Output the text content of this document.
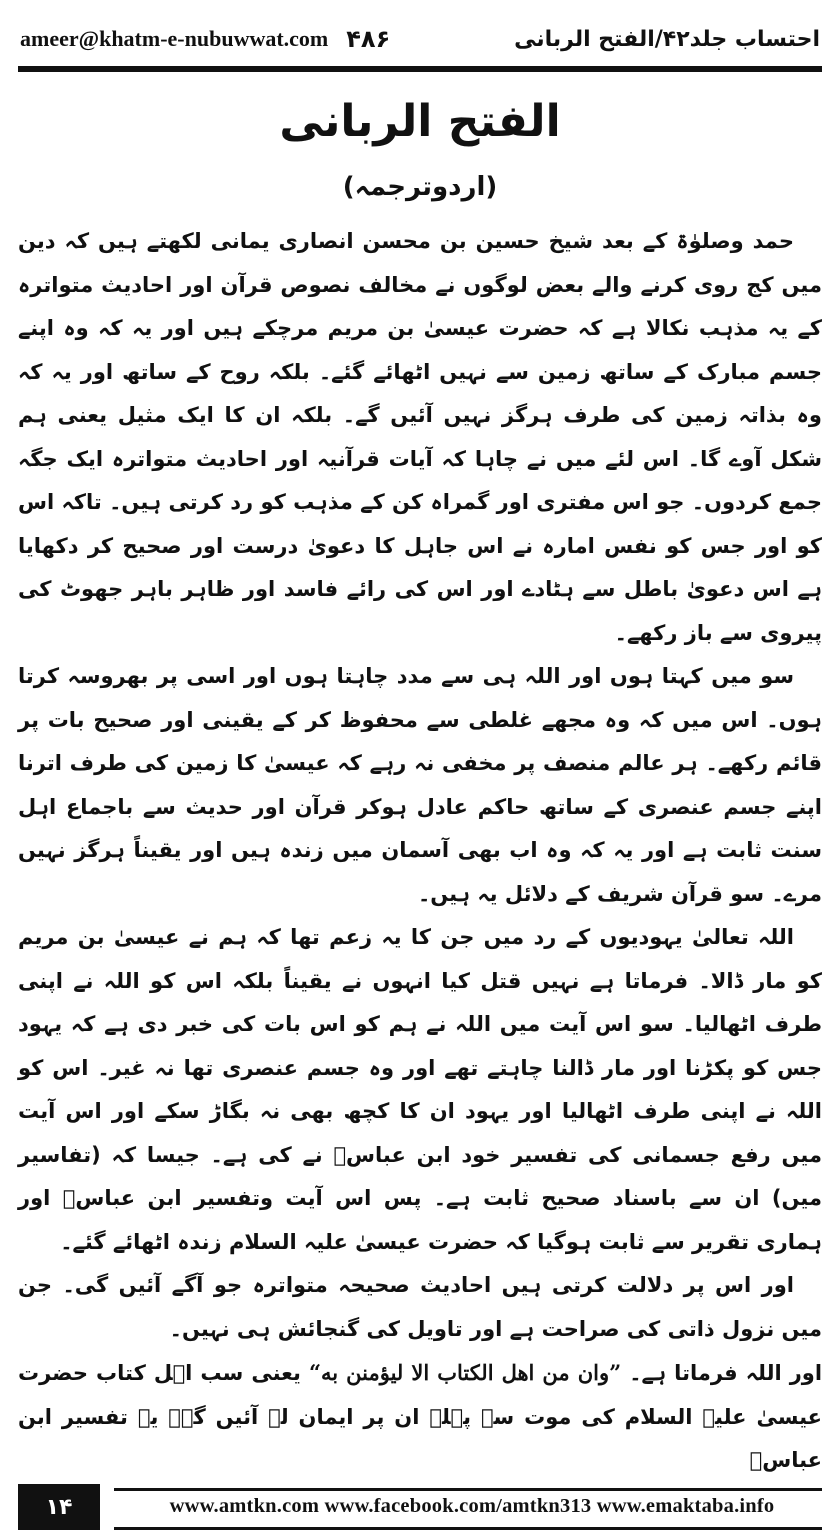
ameer@khatm-e-nubuwwat.com ۴۸۶	احتساب جلد۴۲/الفتح الربانی
الفتح الربانی
(اردوترجمہ)

حمد وصلوٰۃ کے بعد شیخ حسین بن محسن انصاری یمانی لکھتے ہیں کہ دین میں کج روی کرنے والے بعض لوگوں نے مخالف نصوص قرآن اور احادیث متواترہ کے یہ مذہب نکالا ہے کہ حضرت عیسیٰ بن مریم مرچکے ہیں اور یہ کہ وہ اپنے جسم مبارک کے ساتھ زمین سے نہیں اٹھائے گئے۔ بلکہ روح کے ساتھ اور یہ کہ وہ بذاتہ زمین کی طرف ہرگز نہیں آئیں گے۔ بلکہ ان کا ایک مثیل یعنی ہم شکل آوے گا۔ اس لئے میں نے چاہا کہ آیات قرآنیہ اور احادیث متواترہ ایک جگہ جمع کردوں۔ جو اس مفتری اور گمراہ کن کے مذہب کو رد کرتی ہیں۔ تاکہ اس کو اور جس کو نفس امارہ نے اس جاہل کا دعویٰ درست اور صحیح کر دکھایا ہے اس دعویٰ باطل سے ہٹادے اور اس کی رائے فاسد اور ظاہر باہر جھوٹ کی پیروی سے باز رکھے۔

سو میں کہتا ہوں اور اللہ ہی سے مدد چاہتا ہوں اور اسی پر بھروسہ کرتا ہوں۔ اس میں کہ وہ مجھے غلطی سے محفوظ کر کے یقینی اور صحیح بات پر قائم رکھے۔ ہر عالم منصف پر مخفی نہ رہے کہ عیسیٰ کا زمین کی طرف اترنا اپنے جسم عنصری کے ساتھ حاکم عادل ہوکر قرآن اور حدیث سے باجماع اہل سنت ثابت ہے اور یہ کہ وہ اب بھی آسمان میں زندہ ہیں اور یقیناً ہرگز نہیں مرے۔ سو قرآن شریف کے دلائل یہ ہیں۔

اللہ تعالیٰ یہودیوں کے رد میں جن کا یہ زعم تھا کہ ہم نے عیسیٰ بن مریم کو مار ڈالا۔ فرماتا ہے نہیں قتل کیا انہوں نے یقیناً بلکہ اس کو اللہ نے اپنی طرف اٹھالیا۔ سو اس آیت میں اللہ نے ہم کو اس بات کی خبر دی ہے کہ یہود جس کو پکڑنا اور مار ڈالنا چاہتے تھے اور وہ جسم عنصری تھا نہ غیر۔ اس کو اللہ نے اپنی طرف اٹھالیا اور یہود ان کا کچھ بھی نہ بگاڑ سکے اور اس آیت میں رفع جسمانی کی تفسیر خود ابن عباسؓ نے کی ہے۔ جیسا کہ (تفاسیر میں) ان سے باسناد صحیح ثابت ہے۔ پس اس آیت وتفسیر ابن عباسؓ اور ہماری تقریر سے ثابت ہوگیا کہ حضرت عیسیٰ علیہ السلام زندہ اٹھائے گئے۔

اور اس پر دلالت کرتی ہیں احادیث صحیحہ متواترہ جو آگے آئیں گی۔ جن میں نزول ذاتی کی صراحت ہے اور تاویل کی گنجائش ہی نہیں۔

اور اللہ فرماتا ہے۔ ”وان من اهل الکتاب الا لیؤمنن به“ یعنی سب اہل کتاب حضرت عیسیٰ علیہ السلام کی موت سے پہلے ان پر ایمان لے آئیں گے۔ یہ تفسیر ابن عباسؓ

۱۴	www.amtkn.com www.facebook.com/amtkn313 www.emaktaba.info
